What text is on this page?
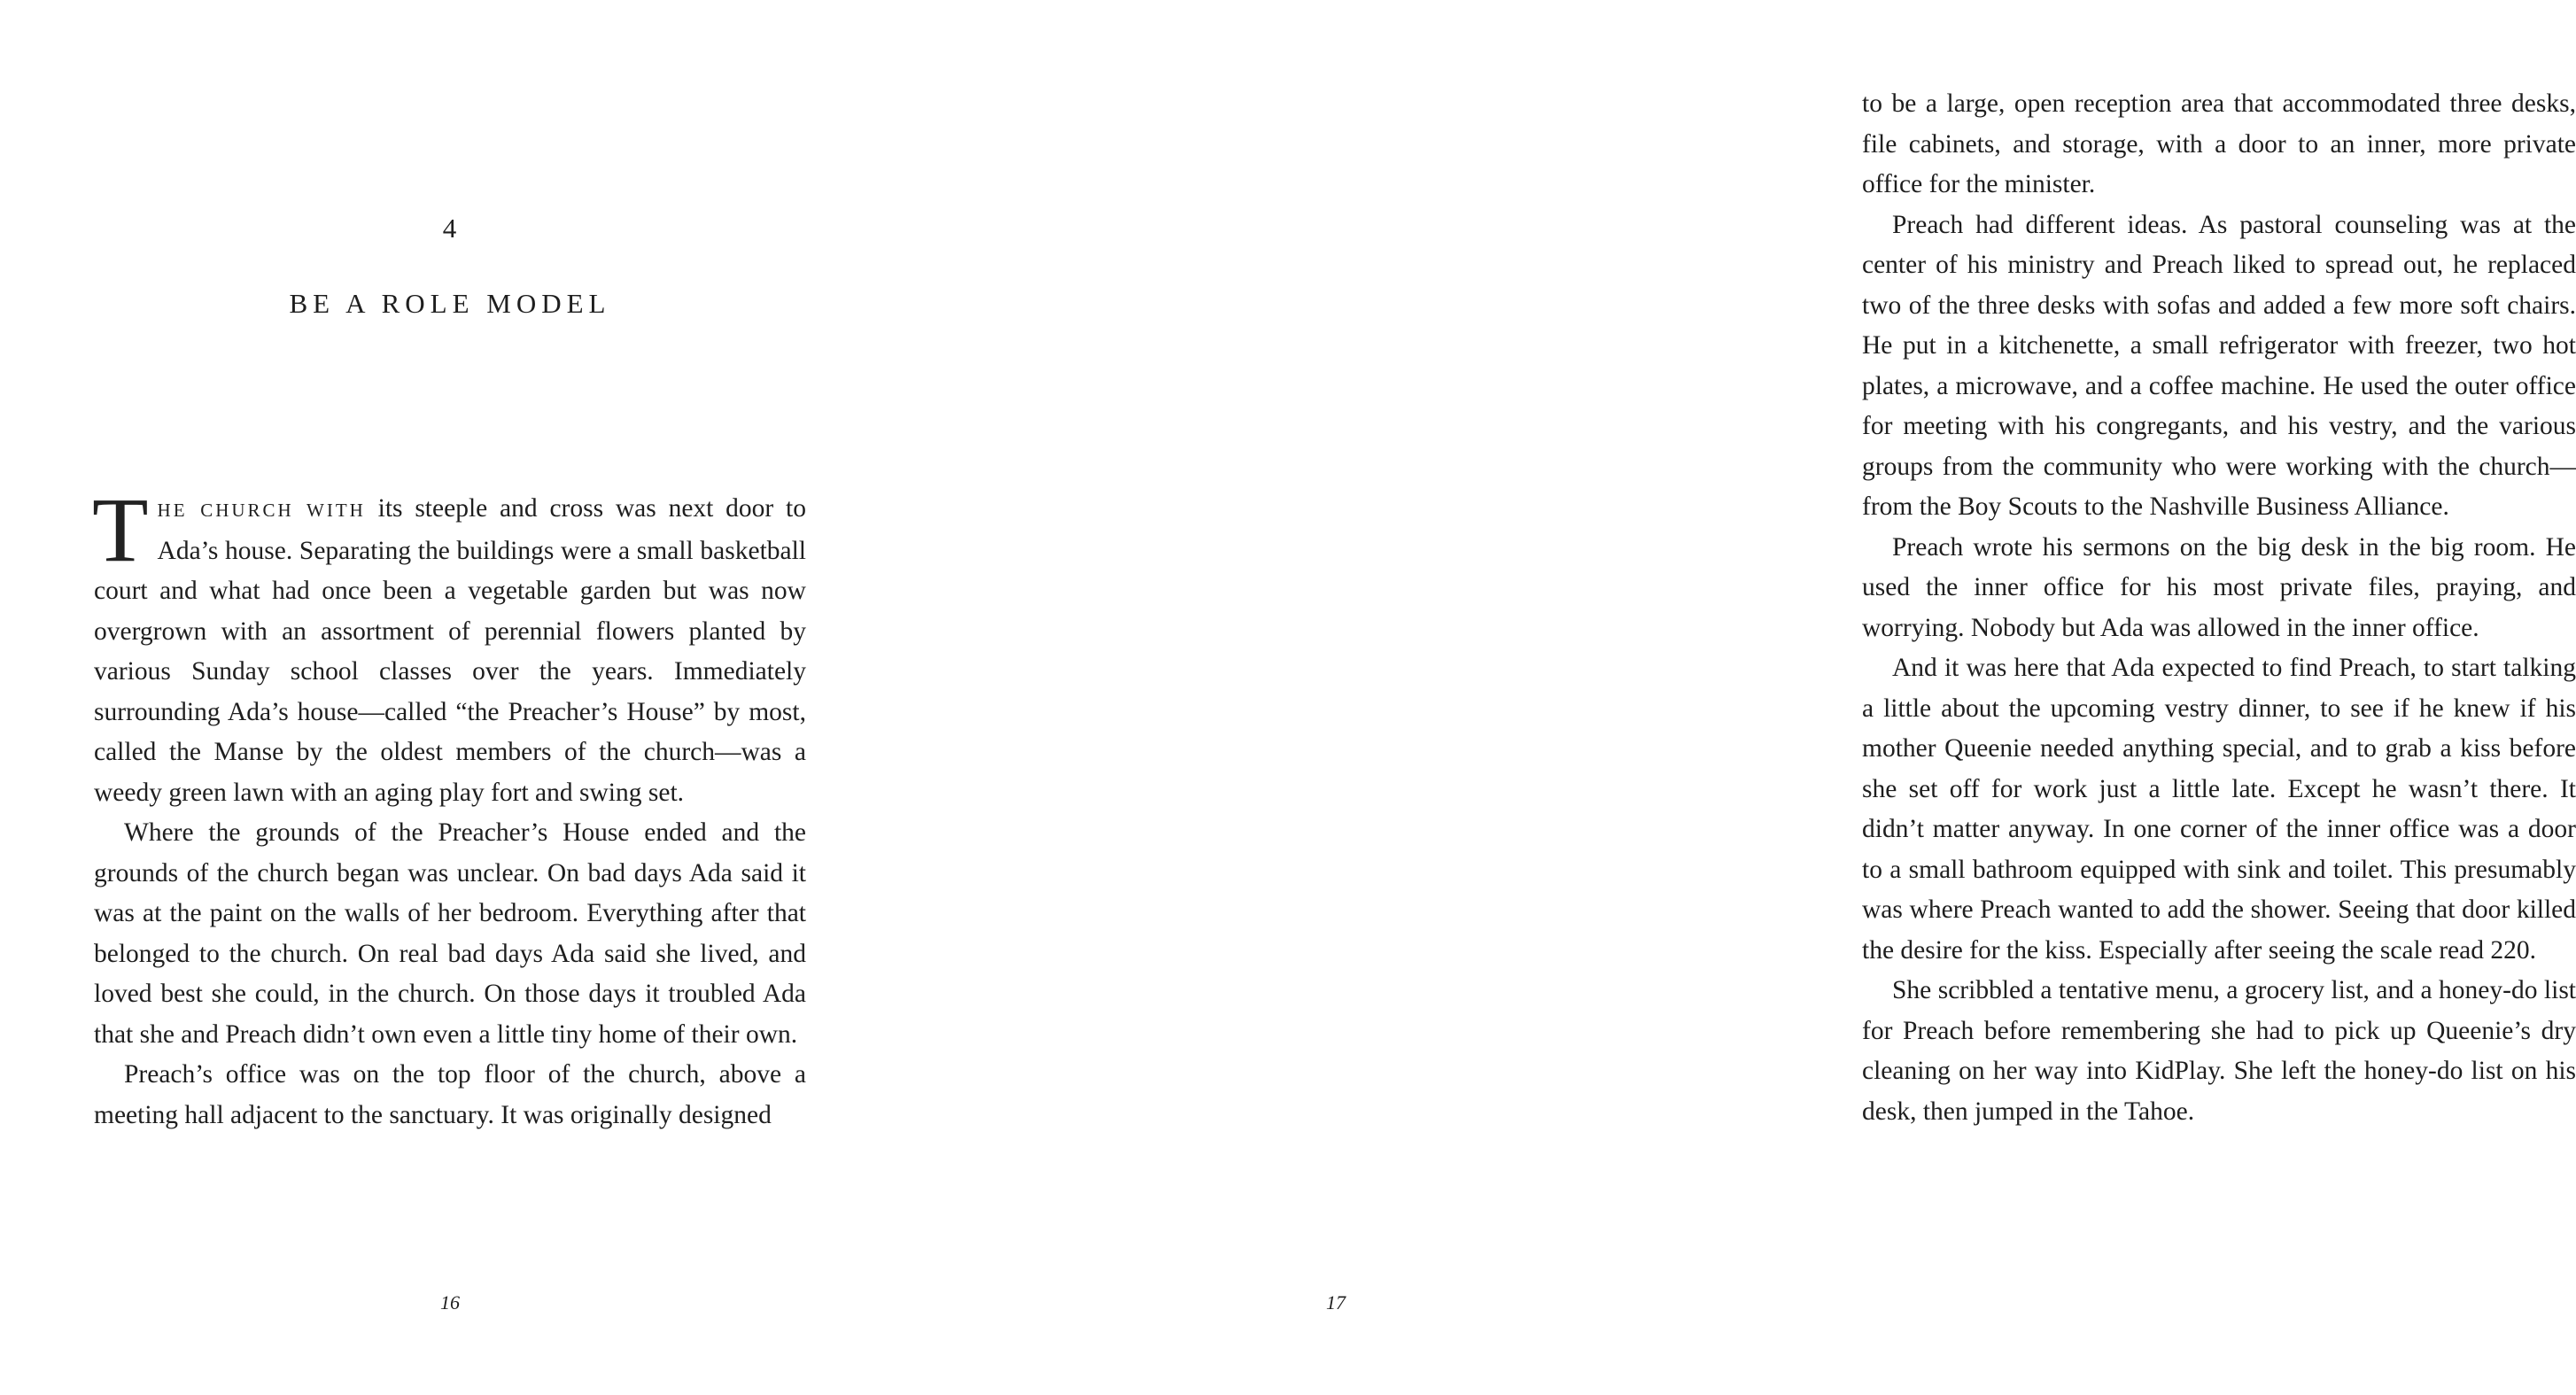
4
BE A ROLE MODEL

THE CHURCH WITH its steeple and cross was next door to Ada’s house. Separating the buildings were a small basketball court and what had once been a vegetable garden but was now overgrown with an assortment of perennial flowers planted by various Sunday school classes over the years. Immediately surrounding Ada’s house—called “the Preacher’s House” by most, called the Manse by the oldest members of the church—was a weedy green lawn with an aging play fort and swing set.

Where the grounds of the Preacher’s House ended and the grounds of the church began was unclear. On bad days Ada said it was at the paint on the walls of her bedroom. Everything after that belonged to the church. On real bad days Ada said she lived, and loved best she could, in the church. On those days it troubled Ada that she and Preach didn’t own even a little tiny home of their own.

Preach’s office was on the top floor of the church, above a meeting hall adjacent to the sanctuary. It was originally designed

16

to be a large, open reception area that accommodated three desks, file cabinets, and storage, with a door to an inner, more private office for the minister.

Preach had different ideas. As pastoral counseling was at the center of his ministry and Preach liked to spread out, he replaced two of the three desks with sofas and added a few more soft chairs. He put in a kitchenette, a small refrigerator with freezer, two hot plates, a microwave, and a coffee machine. He used the outer office for meeting with his congregants, and his vestry, and the various groups from the community who were working with the church—from the Boy Scouts to the Nashville Business Alliance.

Preach wrote his sermons on the big desk in the big room. He used the inner office for his most private files, praying, and worrying. Nobody but Ada was allowed in the inner office.

And it was here that Ada expected to find Preach, to start talking a little about the upcoming vestry dinner, to see if he knew if his mother Queenie needed anything special, and to grab a kiss before she set off for work just a little late. Except he wasn’t there. It didn’t matter anyway. In one corner of the inner office was a door to a small bathroom equipped with sink and toilet. This presumably was where Preach wanted to add the shower. Seeing that door killed the desire for the kiss. Especially after seeing the scale read 220.

She scribbled a tentative menu, a grocery list, and a honey-do list for Preach before remembering she had to pick up Queenie’s dry cleaning on her way into KidPlay. She left the honey-do list on his desk, then jumped in the Tahoe.

17
